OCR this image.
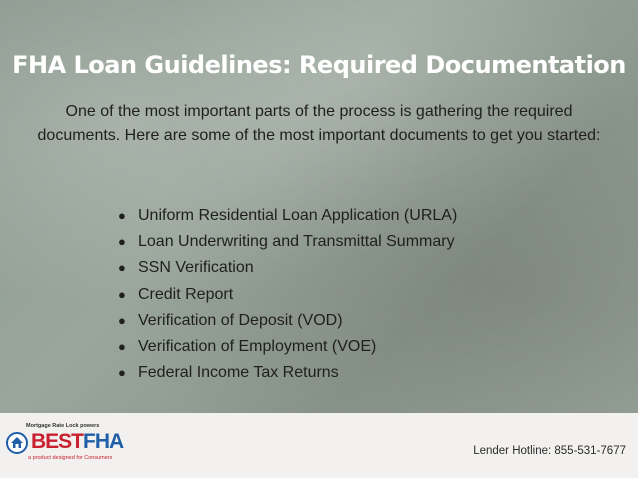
FHA Loan Guidelines: Required Documentation
One of the most important parts of the process is gathering the required documents. Here are some of the most important documents to get you started:
● Uniform Residential Loan Application (URLA)
● Loan Underwriting and Transmittal Summary
● SSN Verification
● Credit Report
● Verification of Deposit (VOD)
● Verification of Employment (VOE)
● Federal Income Tax Returns
Mortgage Rate Lock powers
BESTFHA
a product designed for Consumers
Lender Hotline: 855-531-7677
